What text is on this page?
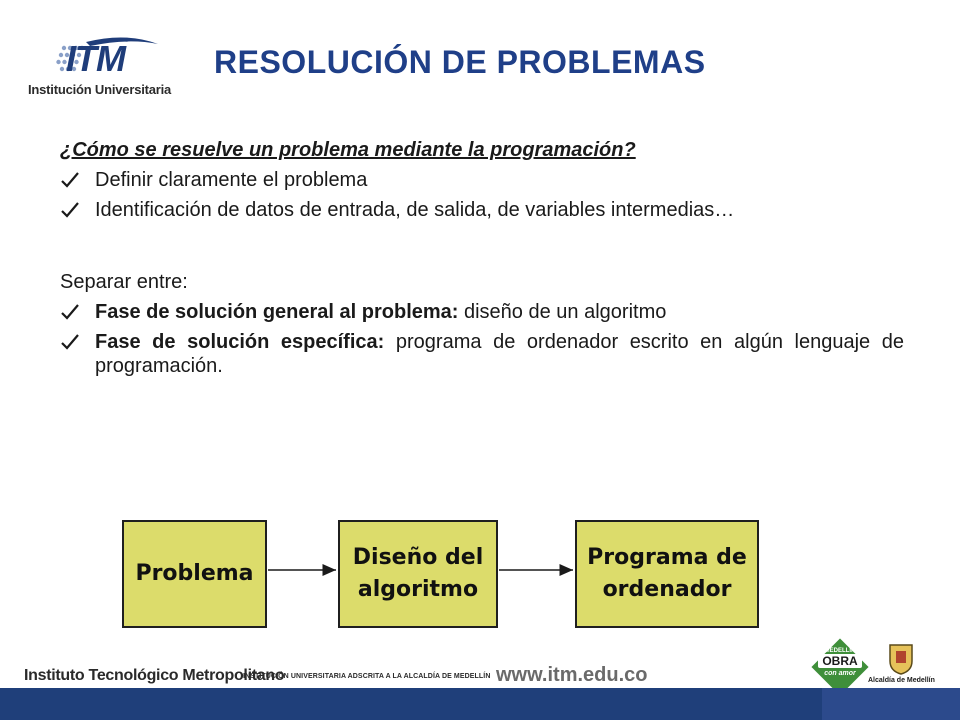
ITM
Institución Universitaria
RESOLUCIÓN DE PROBLEMAS

¿Cómo se resuelve un problema mediante la programación?

Definir claramente el problema
Identificación de datos de entrada, de salida, de variables intermedias…

Separar entre:

Fase de solución general al problema: diseño de un algoritmo
Fase de solución específica: programa de ordenador escrito en algún lenguaje de programación.
Problema
Diseño del
algoritmo
Programa de
ordenador
Instituto Tecnológico Metropolitano
INSTITUCIÓN UNIVERSITARIA ADSCRITA A LA ALCALDÍA DE MEDELLÍN www.itm.edu.co
MEDELLÍN
OBRA
con amor
Alcaldía de Medellín
